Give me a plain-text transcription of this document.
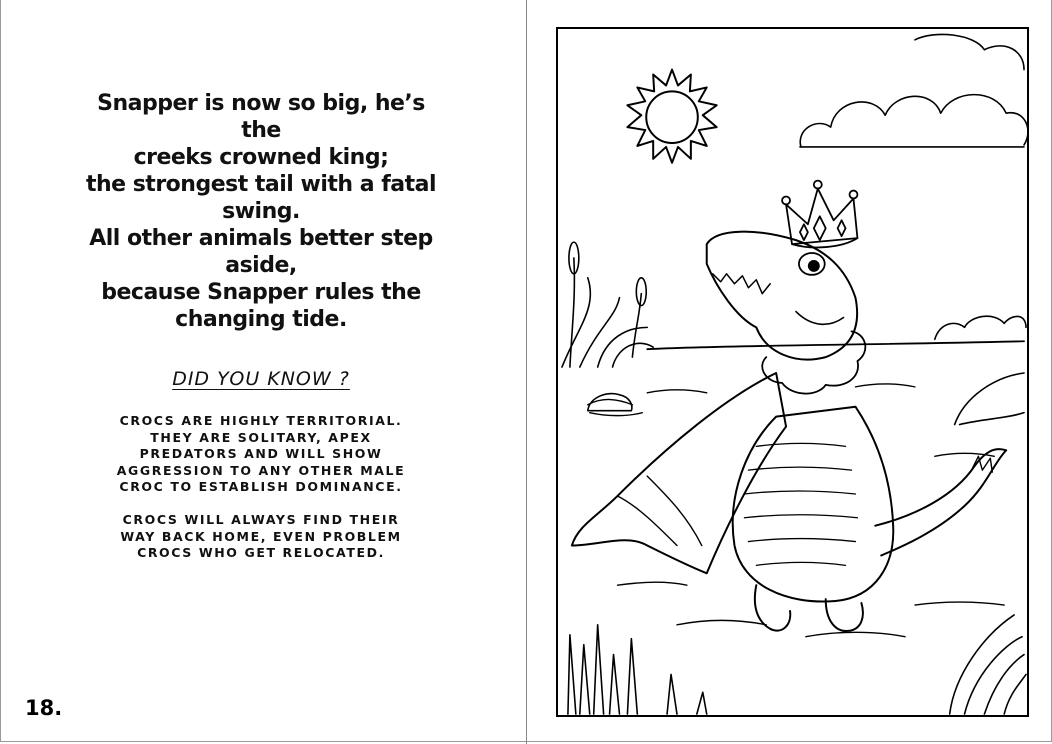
Snapper is now so big, he’s the
creeks crowned king;
the strongest tail with a fatal
swing.
All other animals better step
aside,
because Snapper rules the
changing tide.
DID YOU KNOW ?
CROCS ARE HIGHLY TERRITORIAL.
THEY ARE SOLITARY, APEX
PREDATORS AND WILL SHOW
AGGRESSION TO ANY OTHER MALE
CROC TO ESTABLISH DOMINANCE.
CROCS WILL ALWAYS FIND THEIR
WAY BACK HOME, EVEN PROBLEM
CROCS WHO GET RELOCATED.
18.
